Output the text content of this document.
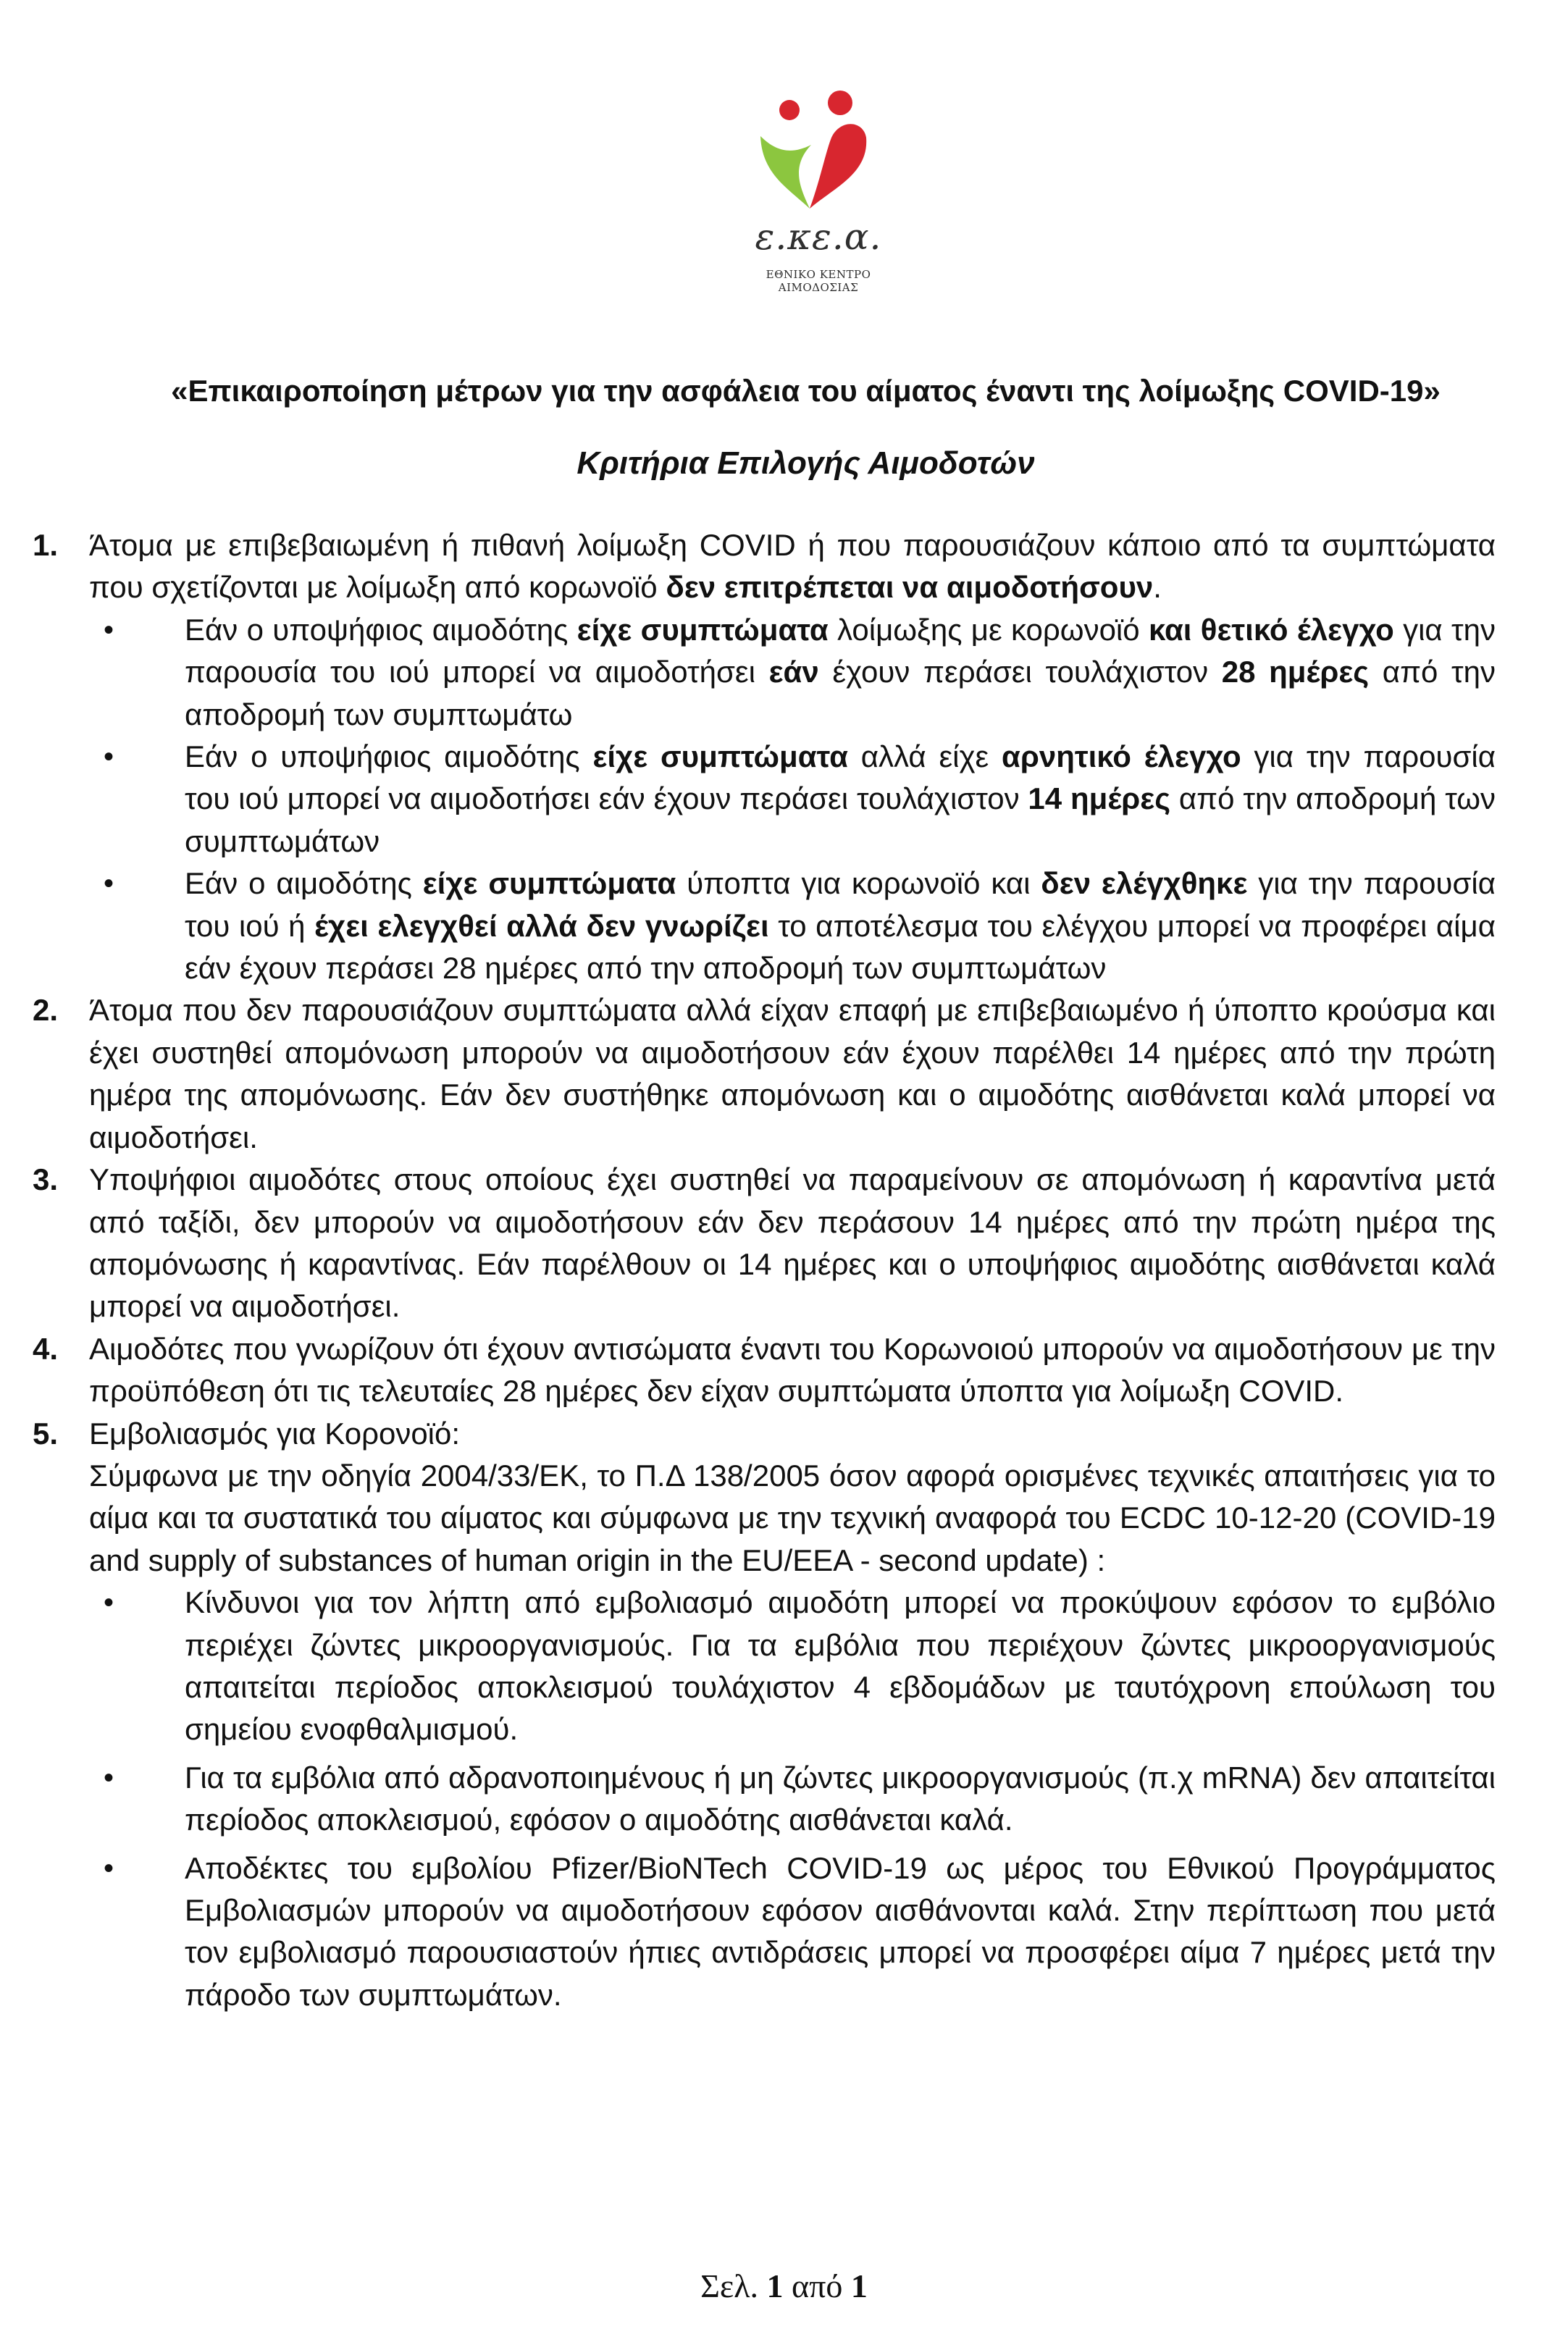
ε.κε.α.
ΕΘΝΙΚΟ ΚΕΝΤΡΟ ΑΙΜΟΔΟΣΙΑΣ
«Επικαιροποίηση μέτρων για την ασφάλεια του αίματος έναντι της λοίμωξης COVID-19»
Κριτήρια Επιλογής Αιμοδοτών
1.	Άτομα με επιβεβαιωμένη ή πιθανή λοίμωξη COVID ή που παρουσιάζουν κάποιο από τα συμπτώματα που σχετίζονται με λοίμωξη από κορωνοϊό δεν επιτρέπεται να αιμοδοτήσουν.

•	Εάν ο υποψήφιος αιμοδότης είχε συμπτώματα λοίμωξης με κορωνοϊό και θετικό έλεγχο για την παρουσία του ιού μπορεί να αιμοδοτήσει εάν έχουν περάσει τουλάχιστον 28 ημέρες από την αποδρομή των συμπτωμάτω
•	Εάν ο υποψήφιος αιμοδότης είχε συμπτώματα αλλά είχε αρνητικό έλεγχο για την παρουσία του ιού μπορεί να αιμοδοτήσει εάν έχουν περάσει τουλάχιστον 14 ημέρες από την αποδρομή των συμπτωμάτων
•	Εάν ο αιμοδότης είχε συμπτώματα ύποπτα για κορωνοϊό και δεν ελέγχθηκε για την παρουσία του ιού ή έχει ελεγχθεί αλλά δεν γνωρίζει το αποτέλεσμα του ελέγχου μπορεί να προφέρει αίμα εάν έχουν περάσει 28 ημέρες από την αποδρομή των συμπτωμάτων
2.	Άτομα που δεν παρουσιάζουν συμπτώματα αλλά είχαν επαφή με επιβεβαιωμένο ή ύποπτο κρούσμα και έχει συστηθεί απομόνωση μπορούν να αιμοδοτήσουν εάν έχουν παρέλθει 14 ημέρες από την πρώτη ημέρα της απομόνωσης. Εάν δεν συστήθηκε απομόνωση και ο αιμοδότης αισθάνεται καλά μπορεί να αιμοδοτήσει.

3.	Υποψήφιοι αιμοδότες στους οποίους έχει συστηθεί να παραμείνουν σε απομόνωση ή καραντίνα μετά από ταξίδι, δεν μπορούν να αιμοδοτήσουν εάν δεν περάσουν 14 ημέρες από την πρώτη ημέρα της απομόνωσης ή καραντίνας. Εάν παρέλθουν οι 14 ημέρες και ο υποψήφιος αιμοδότης αισθάνεται καλά μπορεί να αιμοδοτήσει.

4.	Αιμοδότες που γνωρίζουν ότι έχουν αντισώματα έναντι του Κορωνοιού μπορούν να αιμοδοτήσουν με την προϋπόθεση ότι τις τελευταίες 28 ημέρες δεν είχαν συμπτώματα ύποπτα για λοίμωξη COVID.

5.	Εμβολιασμός για Κορονοϊό:

Σύμφωνα με την οδηγία 2004/33/ΕΚ, το Π.Δ 138/2005 όσον αφορά ορισμένες τεχνικές απαιτήσεις για το αίμα και τα συστατικά του αίματος και σύμφωνα με την τεχνική αναφορά του ECDC 10-12-20 (COVID-19 and supply of substances of human origin in the EU/EEA - second update) :

•	Κίνδυνοι για τον λήπτη από εμβολιασμό αιμοδότη μπορεί να προκύψουν εφόσον το εμβόλιο περιέχει ζώντες μικροοργανισμούς. Για τα εμβόλια που περιέχουν ζώντες μικροοργανισμούς απαιτείται περίοδος αποκλεισμού τουλάχιστον 4 εβδομάδων με ταυτόχρονη επούλωση του σημείου ενοφθαλμισμού.
•	Για τα εμβόλια από αδρανοποιημένους ή μη ζώντες μικροοργανισμούς (π.χ mRNA) δεν απαιτείται περίοδος αποκλεισμού, εφόσον ο αιμοδότης αισθάνεται καλά.
•	Αποδέκτες του εμβολίου Pfizer/BioNTech COVID-19 ως μέρος του Εθνικού Προγράμματος Εμβολιασμών μπορούν να αιμοδοτήσουν εφόσον αισθάνονται καλά. Στην περίπτωση που μετά τον εμβολιασμό παρουσιαστούν ήπιες αντιδράσεις μπορεί να προσφέρει αίμα 7 ημέρες μετά την πάροδο των συμπτωμάτων.
Σελ. 1 από 1
